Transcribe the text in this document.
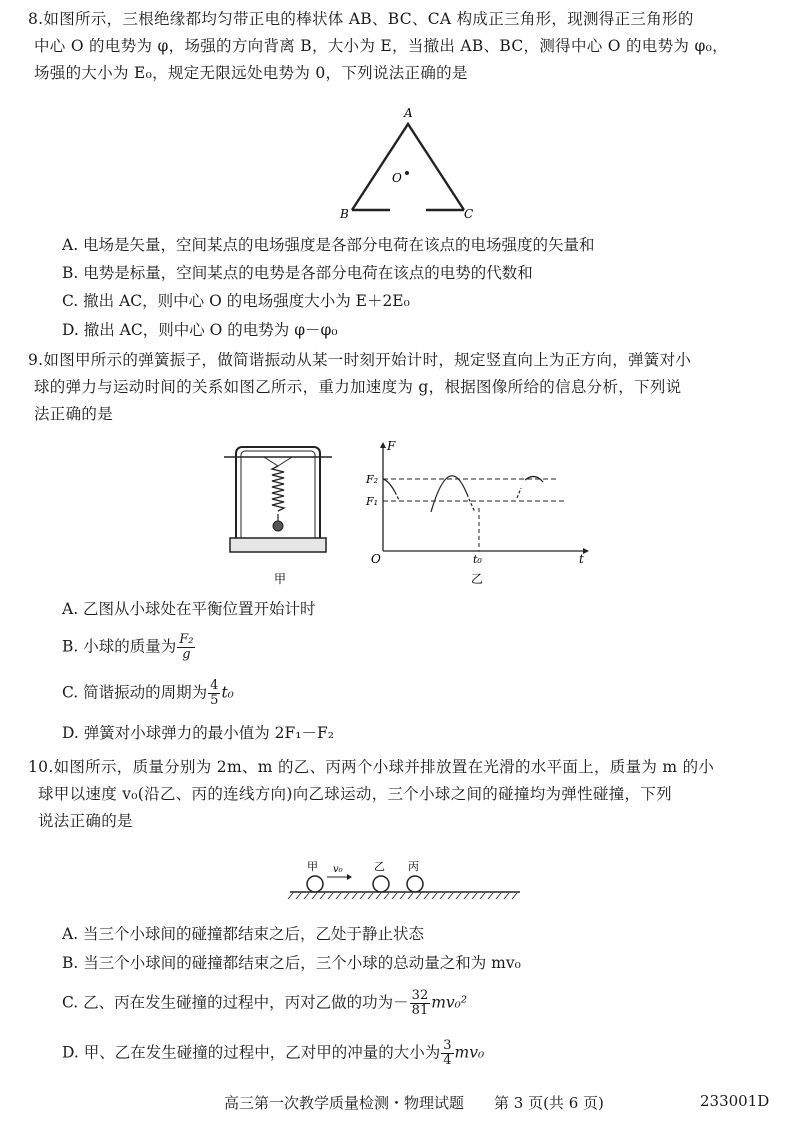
8.如图所示，三根绝缘都均匀带正电的棒状体 AB、BC、CA 构成正三角形，现测得正三角形的
中心 O 的电势为 φ，场强的方向背离 B，大小为 E，当撤出 AB、BC，测得中心 O 的电势为 φ₀，
场强的大小为 E₀，规定无限远处电势为 0，下列说法正确的是
A
B	C
O
A. 电场是矢量，空间某点的电场强度是各部分电荷在该点的电场强度的矢量和
B. 电势是标量，空间某点的电势是各部分电荷在该点的电势的代数和
C. 撤出 AC，则中心 O 的电场强度大小为 E＋2E₀
D. 撤出 AC，则中心 O 的电势为 φ－φ₀
9.如图甲所示的弹簧振子，做简谐振动从某一时刻开始计时，规定竖直向上为正方向，弹簧对小
球的弹力与运动时间的关系如图乙所示，重力加速度为 g，根据图像所给的信息分析，下列说
法正确的是
甲
F
F₂
F₁
O	t₀	t
乙
A. 乙图从小球处在平衡位置开始计时
B. 小球的质量为 $\frac{\text{F₂}}{g}$
C. 简谐振动的周期为 $\frac{4}{5} t_0$
D. 弹簧对小球弹力的最小值为 2F₁－F₂
10.如图所示，质量分别为 2m、m 的乙、丙两个小球并排放置在光滑的水平面上，质量为 m 的小
球甲以速度 v₀(沿乙、丙的连线方向)向乙球运动，三个小球之间的碰撞均为弹性碰撞，下列
说法正确的是
甲 v₀	乙 丙
A. 当三个小球间的碰撞都结束之后，乙处于静止状态
B. 当三个小球间的碰撞都结束之后，三个小球的总动量之和为 mv₀
C. 乙、丙在发生碰撞的过程中，丙对乙做的功为－ $\frac{32}{81} mv_0^2$
D. 甲、乙在发生碰撞的过程中，乙对甲的冲量的大小为 $\frac{3}{4} mv_0$
高三第一次教学质量检测・物理试题 第 3 页(共 6 页)	233001D
